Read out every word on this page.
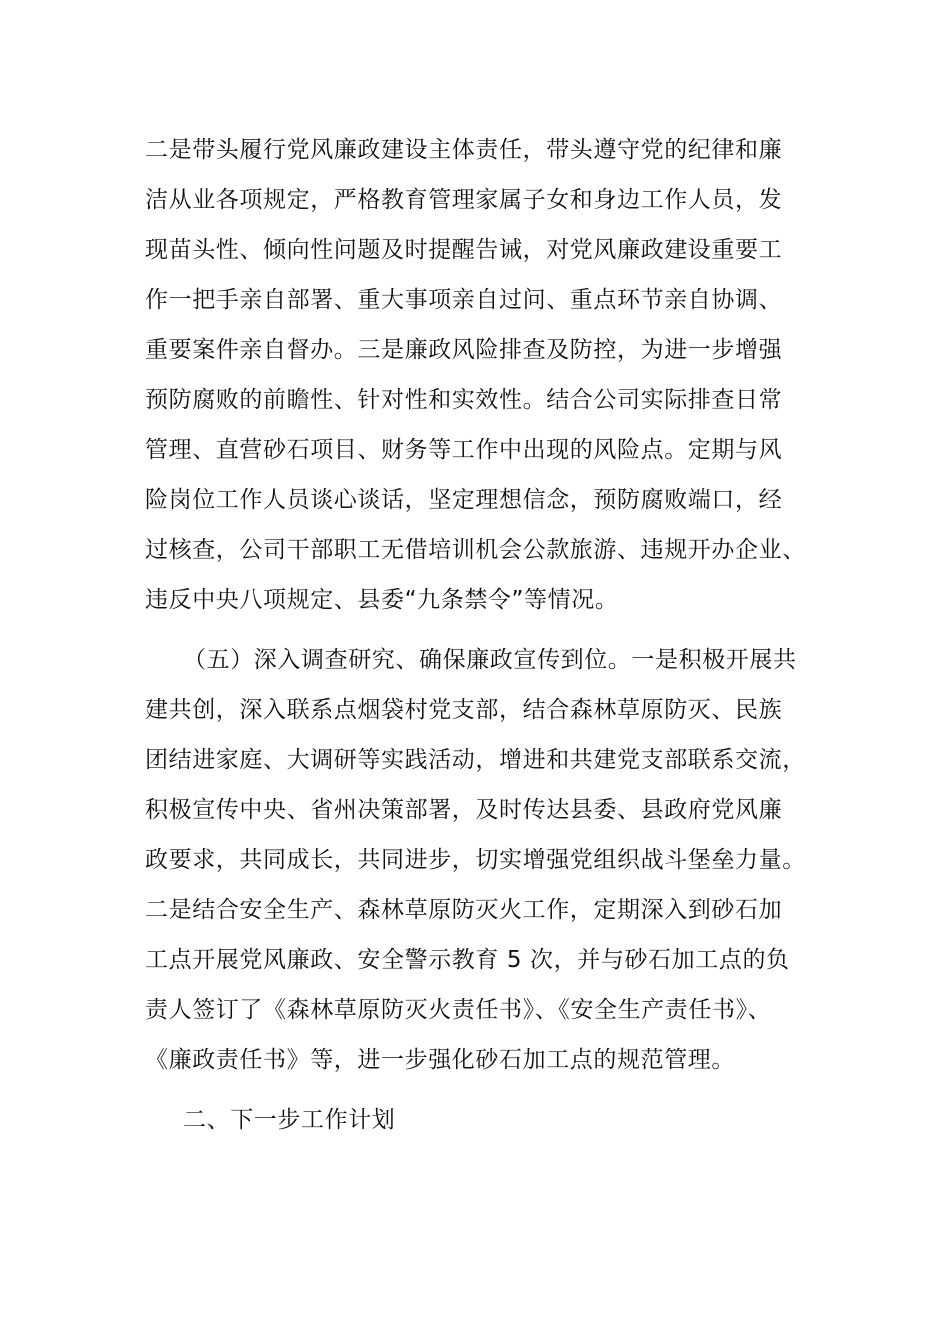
二是带头履行党风廉政建设主体责任，带头遵守党的纪律和廉
洁从业各项规定，严格教育管理家属子女和身边工作人员，发
现苗头性、倾向性问题及时提醒告诫，对党风廉政建设重要工
作一把手亲自部署、重大事项亲自过问、重点环节亲自协调、
重要案件亲自督办。三是廉政风险排查及防控，为进一步增强
预防腐败的前瞻性、针对性和实效性。结合公司实际排查日常
管理、直营砂石项目、财务等工作中出现的风险点。定期与风
险岗位工作人员谈心谈话，坚定理想信念，预防腐败端口，经
过核查，公司干部职工无借培训机会公款旅游、违规开办企业、
违反中央八项规定、县委“九条禁令”等情况。
（五）深入调查研究、确保廉政宣传到位。一是积极开展共
建共创，深入联系点烟袋村党支部，结合森林草原防灭、民族
团结进家庭、大调研等实践活动，增进和共建党支部联系交流，
积极宣传中央、省州决策部署，及时传达县委、县政府党风廉
政要求，共同成长，共同进步，切实增强党组织战斗堡垒力量。
二是结合安全生产、森林草原防灭火工作，定期深入到砂石加
工点开展党风廉政、安全警示教育 5 次，并与砂石加工点的负
责人签订了《森林草原防灭火责任书》、《安全生产责任书》、
《廉政责任书》等，进一步强化砂石加工点的规范管理。
二、下一步工作计划
